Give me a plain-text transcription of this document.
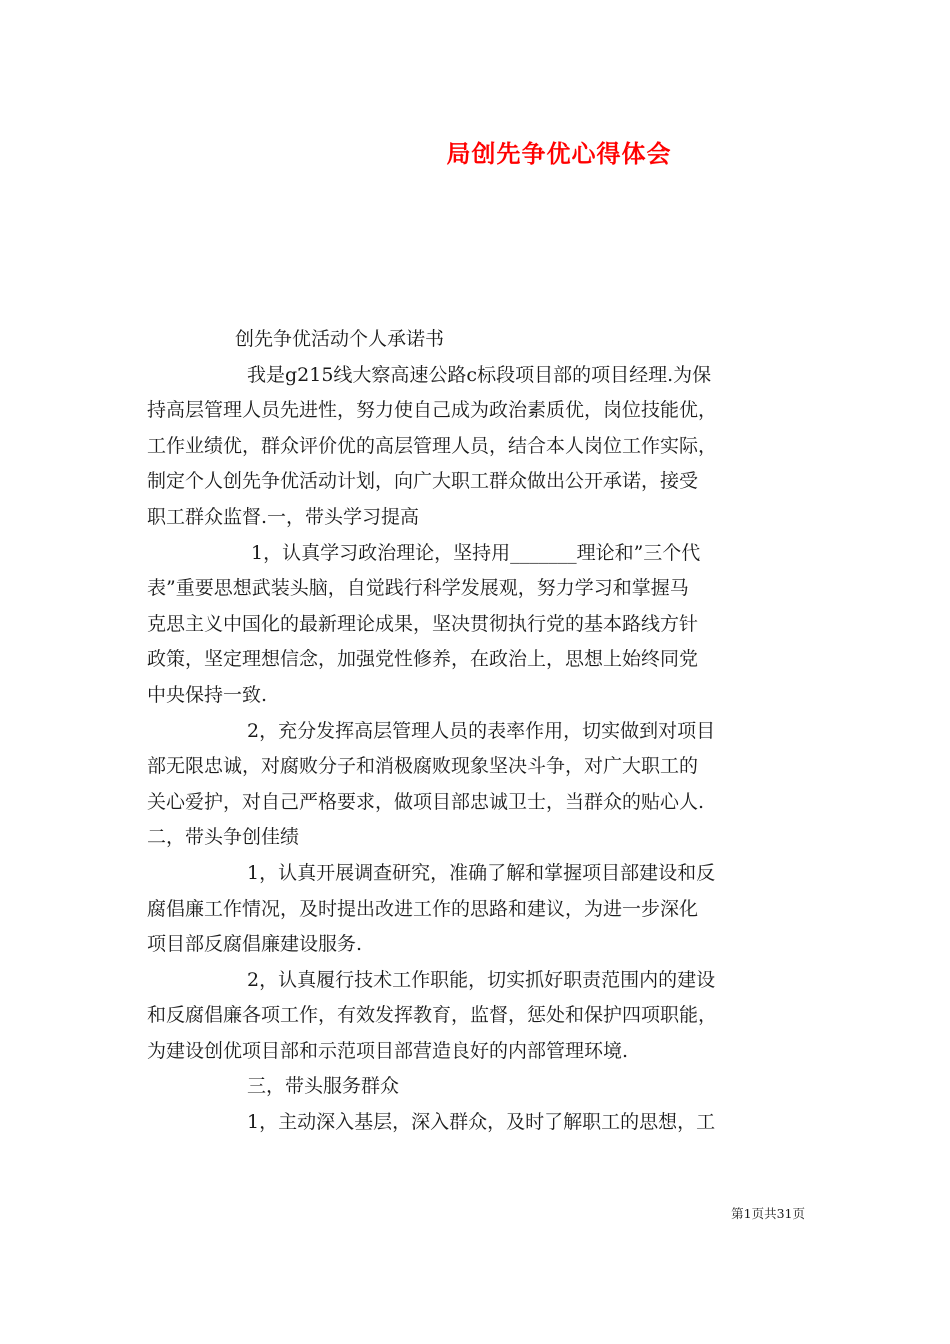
局创先争优心得体会
创先争优活动个人承诺书
我是g215线大察高速公路c标段项目部的项目经理.为保
持高层管理人员先进性，努力使自己成为政治素质优，岗位技能优，
工作业绩优，群众评价优的高层管理人员，结合本人岗位工作实际，
制定个人创先争优活动计划，向广大职工群众做出公开承诺，接受
职工群众监督.一，带头学习提高
1，认真学习政治理论，坚持用_______理论和”三个代
表”重要思想武装头脑，自觉践行科学发展观，努力学习和掌握马
克思主义中国化的最新理论成果，坚决贯彻执行党的基本路线方针
政策，坚定理想信念，加强党性修养，在政治上，思想上始终同党
中央保持一致.
2，充分发挥高层管理人员的表率作用，切实做到对项目
部无限忠诚，对腐败分子和消极腐败现象坚决斗争，对广大职工的
关心爱护，对自己严格要求，做项目部忠诚卫士，当群众的贴心人.
二，带头争创佳绩
1，认真开展调查研究，准确了解和掌握项目部建设和反
腐倡廉工作情况，及时提出改进工作的思路和建议，为进一步深化
项目部反腐倡廉建设服务.
2，认真履行技术工作职能，切实抓好职责范围内的建设
和反腐倡廉各项工作，有效发挥教育，监督，惩处和保护四项职能，
为建设创优项目部和示范项目部营造良好的内部管理环境.
三，带头服务群众
1，主动深入基层，深入群众，及时了解职工的思想，工
第1页共31页
